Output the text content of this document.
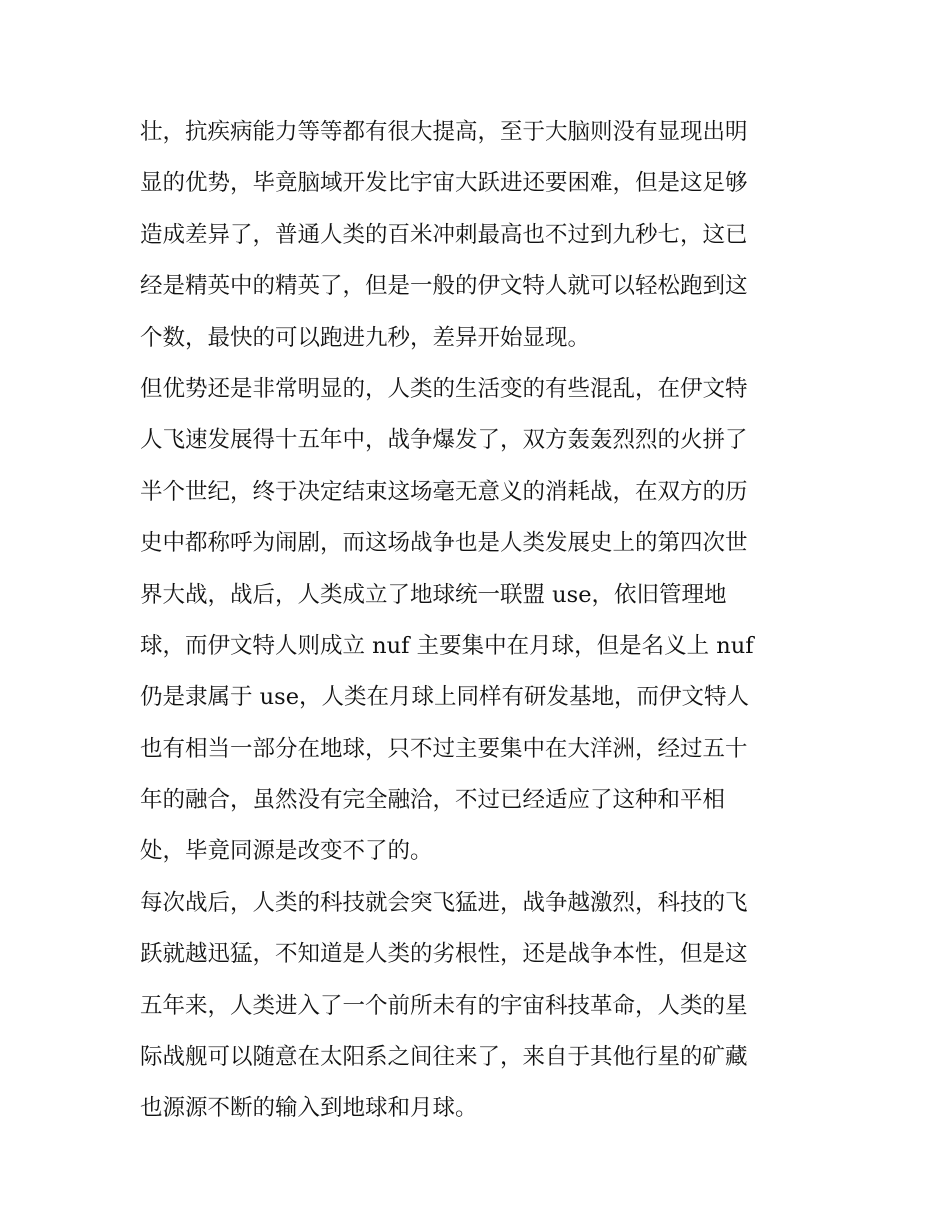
壮，抗疾病能力等等都有很大提高，至于大脑则没有显现出明
显的优势，毕竟脑域开发比宇宙大跃进还要困难，但是这足够
造成差异了，普通人类的百米冲刺最高也不过到九秒七，这已
经是精英中的精英了，但是一般的伊文特人就可以轻松跑到这
个数，最快的可以跑进九秒，差异开始显现。
但优势还是非常明显的，人类的生活变的有些混乱，在伊文特
人飞速发展得十五年中，战争爆发了，双方轰轰烈烈的火拼了
半个世纪，终于决定结束这场毫无意义的消耗战，在双方的历
史中都称呼为闹剧，而这场战争也是人类发展史上的第四次世
界大战，战后，人类成立了地球统一联盟 use，依旧管理地
球，而伊文特人则成立 nuf 主要集中在月球，但是名义上 nuf
仍是隶属于 use，人类在月球上同样有研发基地，而伊文特人
也有相当一部分在地球，只不过主要集中在大洋洲，经过五十
年的融合，虽然没有完全融洽，不过已经适应了这种和平相
处，毕竟同源是改变不了的。
每次战后，人类的科技就会突飞猛进，战争越激烈，科技的飞
跃就越迅猛，不知道是人类的劣根性，还是战争本性，但是这
五年来，人类进入了一个前所未有的宇宙科技革命，人类的星
际战舰可以随意在太阳系之间往来了，来自于其他行星的矿藏
也源源不断的输入到地球和月球。
